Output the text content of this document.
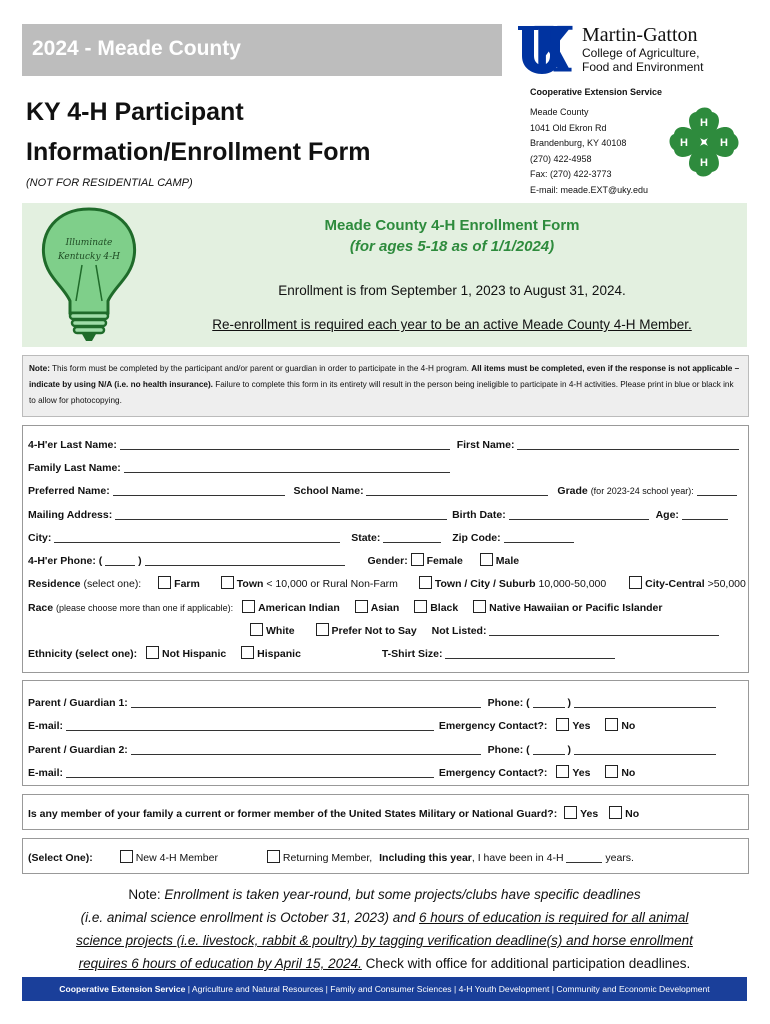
2024 - Meade County
KY 4-H Participant
Information/Enrollment Form
(NOT FOR RESIDENTIAL CAMP)
Martin-Gatton
College of Agriculture,
Food and Environment
Cooperative Extension Service
Meade County
1041 Old Ekron Rd
Brandenburg, KY 40108
(270) 422-4958
Fax: (270) 422-3773
E-mail: meade.EXT@uky.edu
H
H
H
H
Illuminate
Kentucky 4-H
Meade County 4-H Enrollment Form
(for ages 5-18 as of 1/1/2024)
Enrollment is from September 1, 2023 to August 31, 2024.
Re-enrollment is required each year to be an active Meade County 4-H Member.
Note: This form must be completed by the participant and/or parent or guardian in order to participate in the 4-H program. All items must be completed, even if the response is not applicable – indicate by using N/A (i.e. no health insurance). Failure to complete this form in its entirety will result in the person being ineligible to participate in 4-H activities. Please print in blue or black ink to allow for photocopying.
4-H'er Last Name:	First Name:
Family Last Name:
Preferred Name:	School Name:	Grade (for 2023-24 school year):
Mailing Address:	Birth Date:	Age:
City:	State:	Zip Code:
4-H'er Phone: (	)	Gender: Female	Male
Residence (select one):	Farm	Town < 10,000 or Rural Non-Farm	Town / City / Suburb 10,000-50,000	City-Central >50,000
Race (please choose more than one if applicable): American Indian	Asian	Black	Native Hawaiian or Pacific Islander
White	Prefer Not to Say Not Listed:
Ethnicity (select one): Not Hispanic	Hispanic	T-Shirt Size:
Parent / Guardian 1:	Phone: (	)
E-mail:	Emergency Contact?: Yes	No
Parent / Guardian 2:	Phone: (	)
E-mail:	Emergency Contact?: Yes	No
Is any member of your family a current or former member of the United States Military or National Guard?: Yes	No
(Select One):	New 4-H Member	Returning Member, Including this year, I have been in 4-H	years.
Note: Enrollment is taken year-round, but some projects/clubs have specific deadlines
(i.e. animal science enrollment is October 31, 2023) and 6 hours of education is required for all animal
science projects (i.e. livestock, rabbit & poultry) by tagging verification deadline(s) and horse enrollment
requires 6 hours of education by April 15, 2024. Check with office for additional participation deadlines.
Cooperative Extension Service | Agriculture and Natural Resources | Family and Consumer Sciences | 4-H Youth Development | Community and Economic Development
